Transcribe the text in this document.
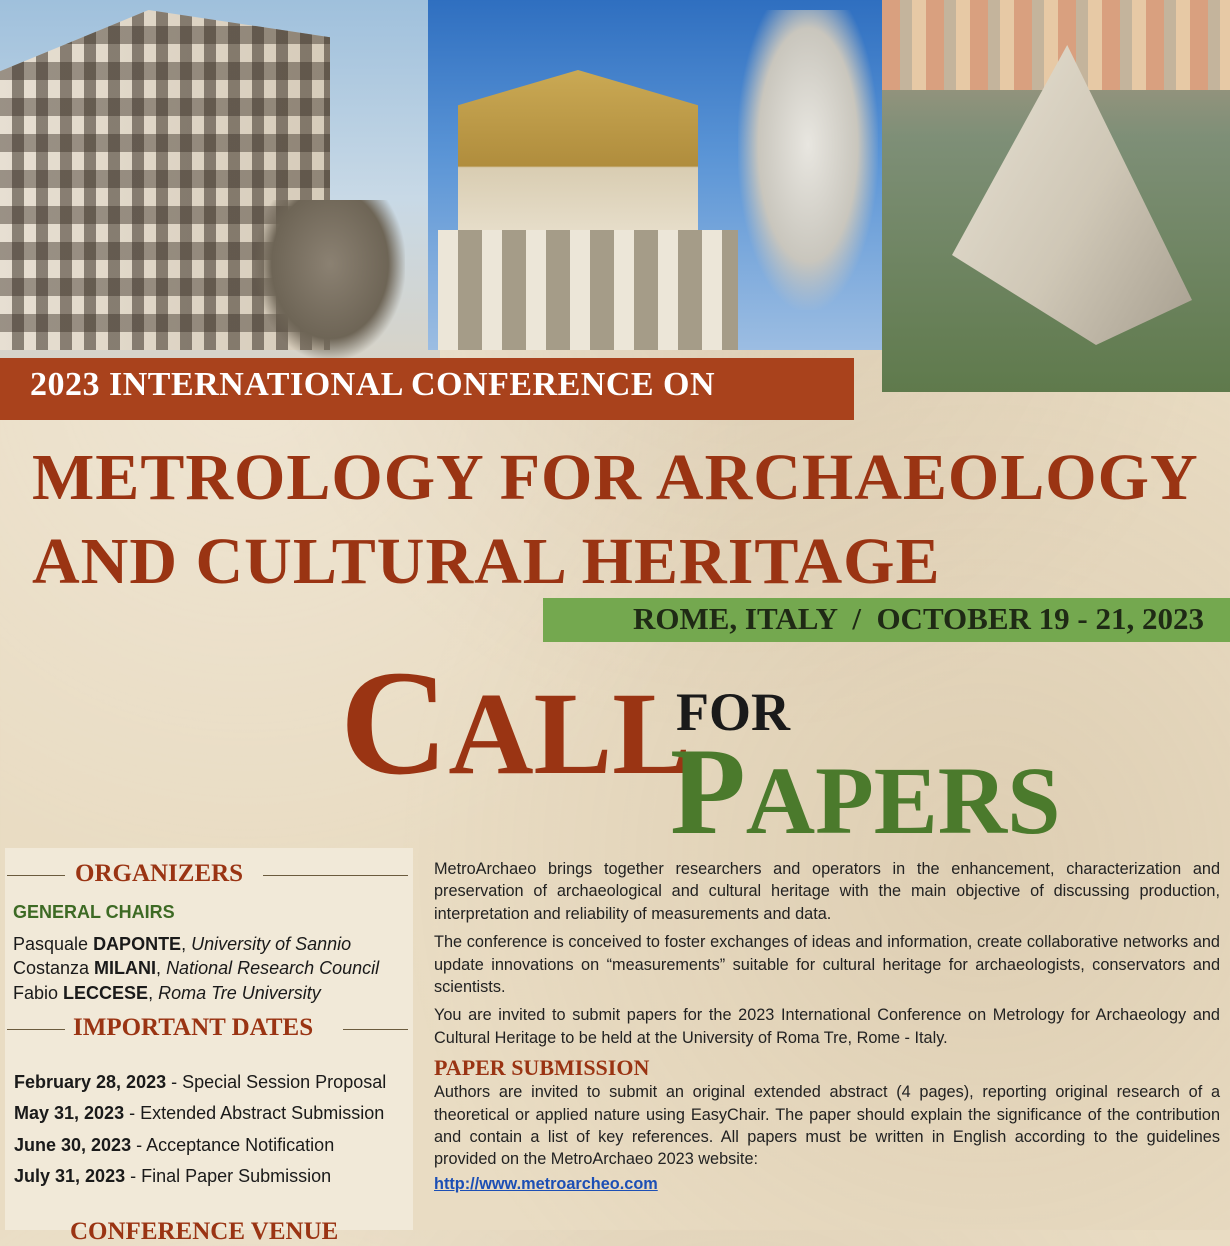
2023 INTERNATIONAL CONFERENCE ON
METROLOGY FOR ARCHAEOLOGY
AND CULTURAL HERITAGE
ROME, ITALY  /  OCTOBER 19 - 21, 2023
CALL
FOR
PAPERS
ORGANIZERS
GENERAL CHAIRS
Pasquale DAPONTE, University of Sannio
Costanza MILANI, National Research Council
Fabio LECCESE, Roma Tre University
IMPORTANT DATES
February 28, 2023 - Special Session Proposal
May 31, 2023 - Extended Abstract Submission
June 30, 2023 - Acceptance Notification
July 31, 2023 - Final Paper Submission
CONFERENCE VENUE

MetroArchaeo brings together researchers and operators in the enhancement, characterization and preservation of archaeological and cultural heritage with the main objective of discussing production, interpretation and reliability of measurements and data.

The conference is conceived to foster exchanges of ideas and information, create collaborative networks and update innovations on “measurements” suitable for cultural heritage for archaeologists, conservators and scientists.

You are invited to submit papers for the 2023 International Conference on Metrology for Archaeology and Cultural Heritage to be held at the University of Roma Tre, Rome - Italy.

PAPER SUBMISSION

Authors are invited to submit an original extended abstract (4 pages), reporting original research of a theoretical or applied nature using EasyChair. The paper should explain the significance of the contribution and contain a list of key references. All papers must be written in English according to the guidelines provided on the MetroArchaeo 2023 website:

http://www.metroarcheo.com
